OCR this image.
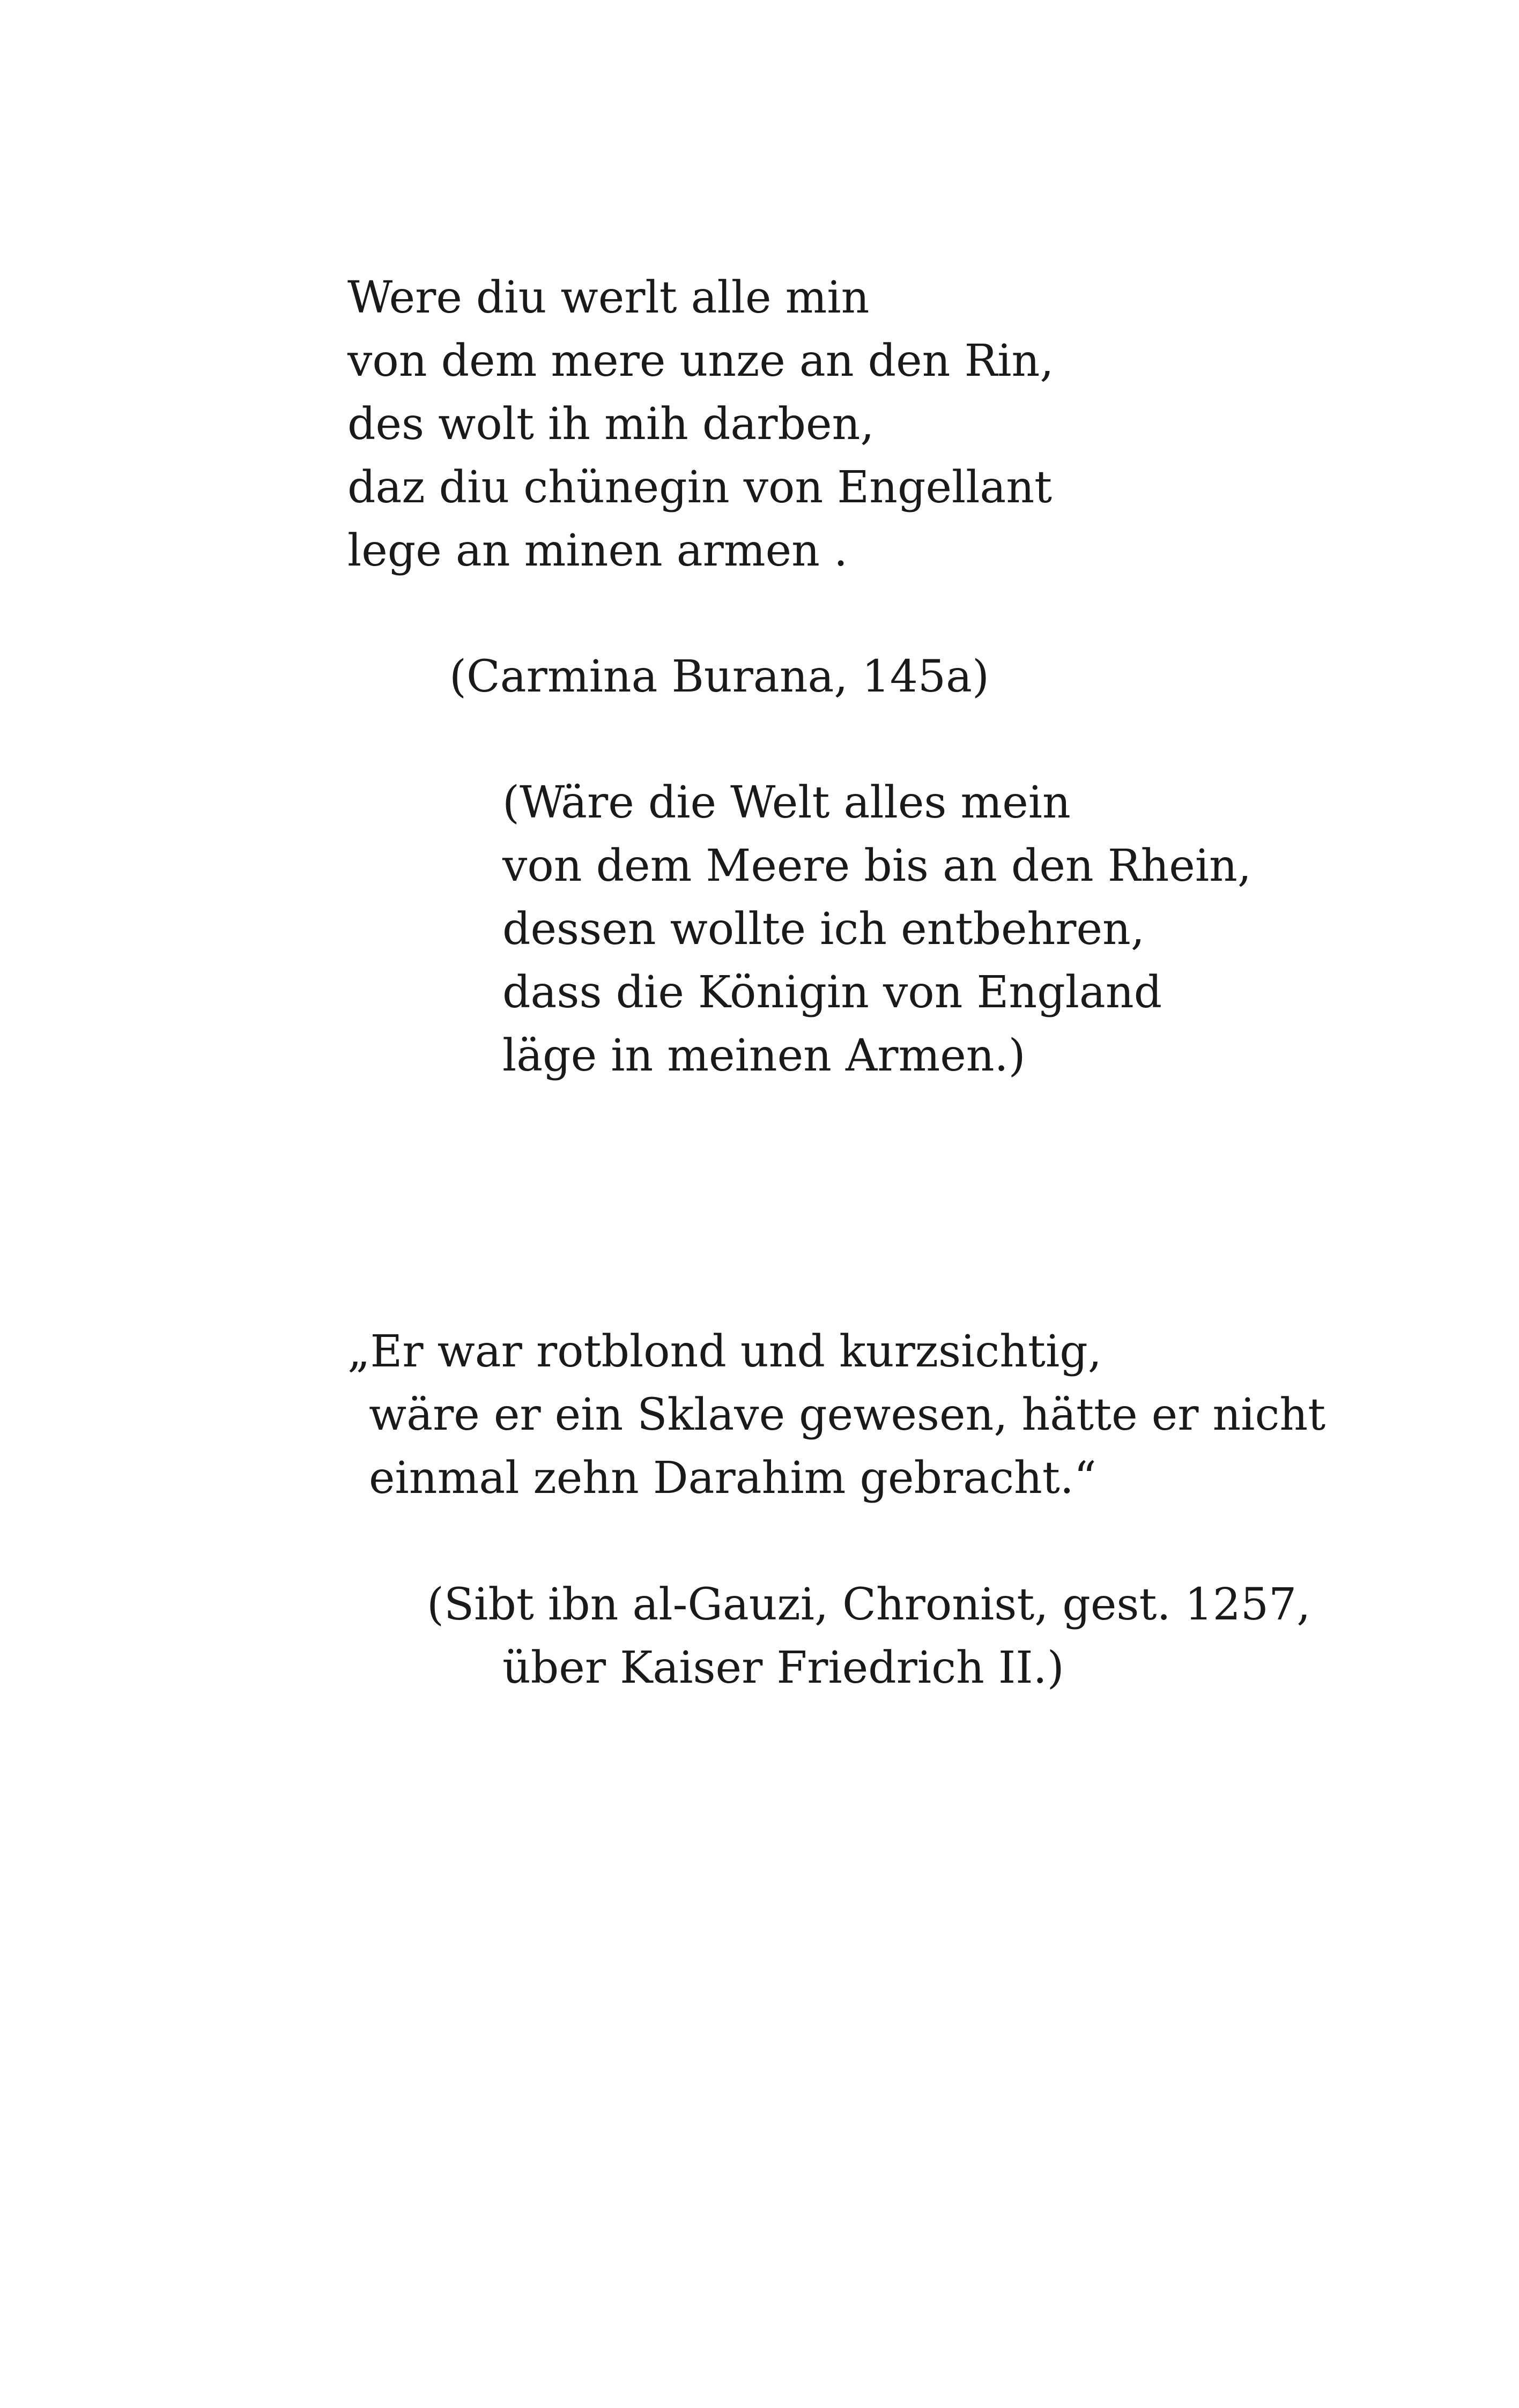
Were diu werlt alle min
von dem mere unze an den Rin,
des wolt ih mih darben,
daz diu chünegin von Engellant
lege an minen armen .
(Carmina Burana, 145a)
(Wäre die Welt alles mein
von dem Meere bis an den Rhein,
dessen wollte ich entbehren,
dass die Königin von England
läge in meinen Armen.)
„Er war rotblond und kurzsichtig,
wäre er ein Sklave gewesen, hätte er nicht
einmal zehn Darahim gebracht.“
(Sibt ibn al-Gauzi, Chronist, gest. 1257,
über Kaiser Friedrich II.)
